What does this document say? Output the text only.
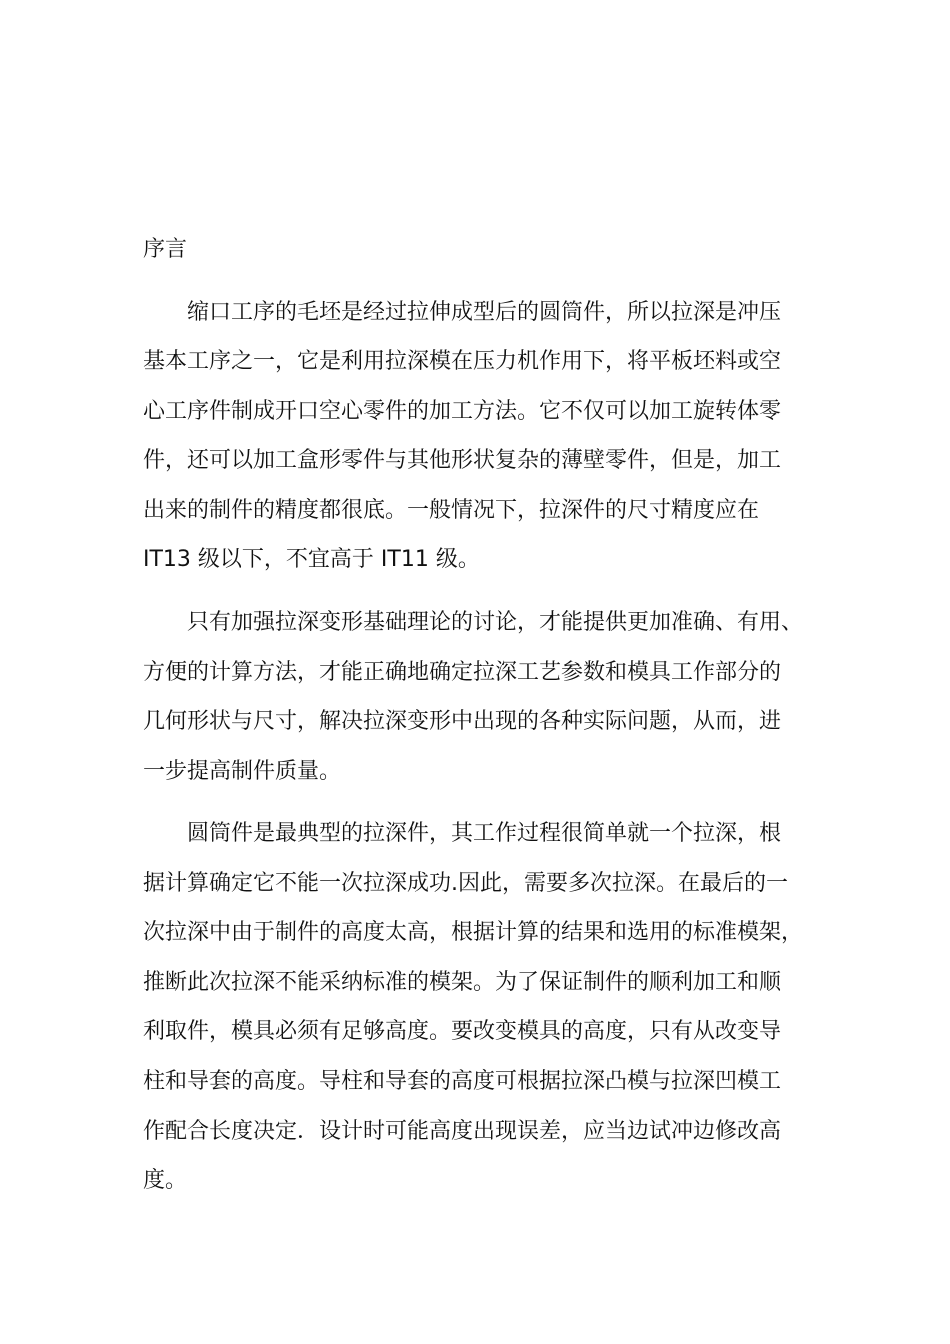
序言

缩口工序的毛坯是经过拉伸成型后的圆筒件，所以拉深是冲压

基本工序之一，它是利用拉深模在压力机作用下，将平板坯料或空

心工序件制成开口空心零件的加工方法。它不仅可以加工旋转体零

件，还可以加工盒形零件与其他形状复杂的薄壁零件，但是，加工

出来的制件的精度都很底。一般情况下，拉深件的尺寸精度应在

IT13 级以下，不宜高于 IT11 级。

只有加强拉深变形基础理论的讨论，才能提供更加准确、有用、

方便的计算方法，才能正确地确定拉深工艺参数和模具工作部分的

几何形状与尺寸，解决拉深变形中出现的各种实际问题，从而，进

一步提高制件质量。

圆筒件是最典型的拉深件，其工作过程很简单就一个拉深，根

据计算确定它不能一次拉深成功.因此，需要多次拉深。在最后的一

次拉深中由于制件的高度太高，根据计算的结果和选用的标准模架，

推断此次拉深不能采纳标准的模架。为了保证制件的顺利加工和顺

利取件，模具必须有足够高度。要改变模具的高度，只有从改变导

柱和导套的高度。导柱和导套的高度可根据拉深凸模与拉深凹模工

作配合长度决定．设计时可能高度出现误差，应当边试冲边修改高

度。
